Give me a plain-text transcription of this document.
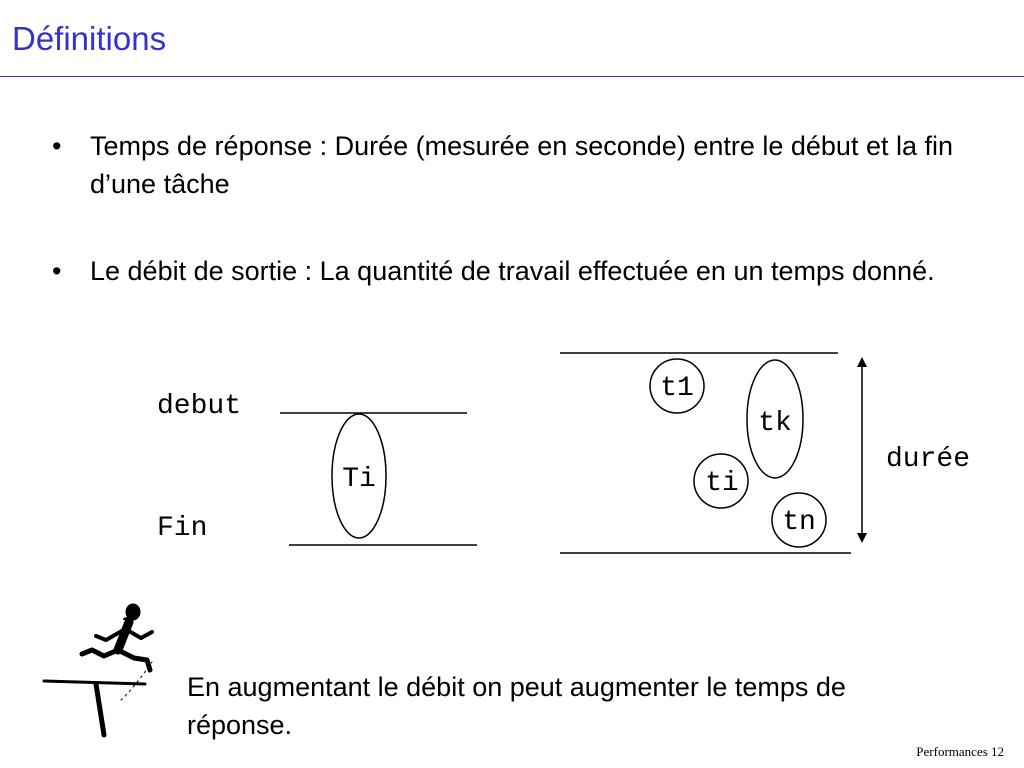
Définitions
• Temps de réponse : Durée (mesurée en seconde) entre le début et la fin d’une tâche
• Le débit de sortie : La quantité de travail effectuée en un temps donné.
debut
Fin
Ti
t1
tk
ti
tn
durée
En augmentant le débit on peut augmenter le temps de réponse.
Performances 12
